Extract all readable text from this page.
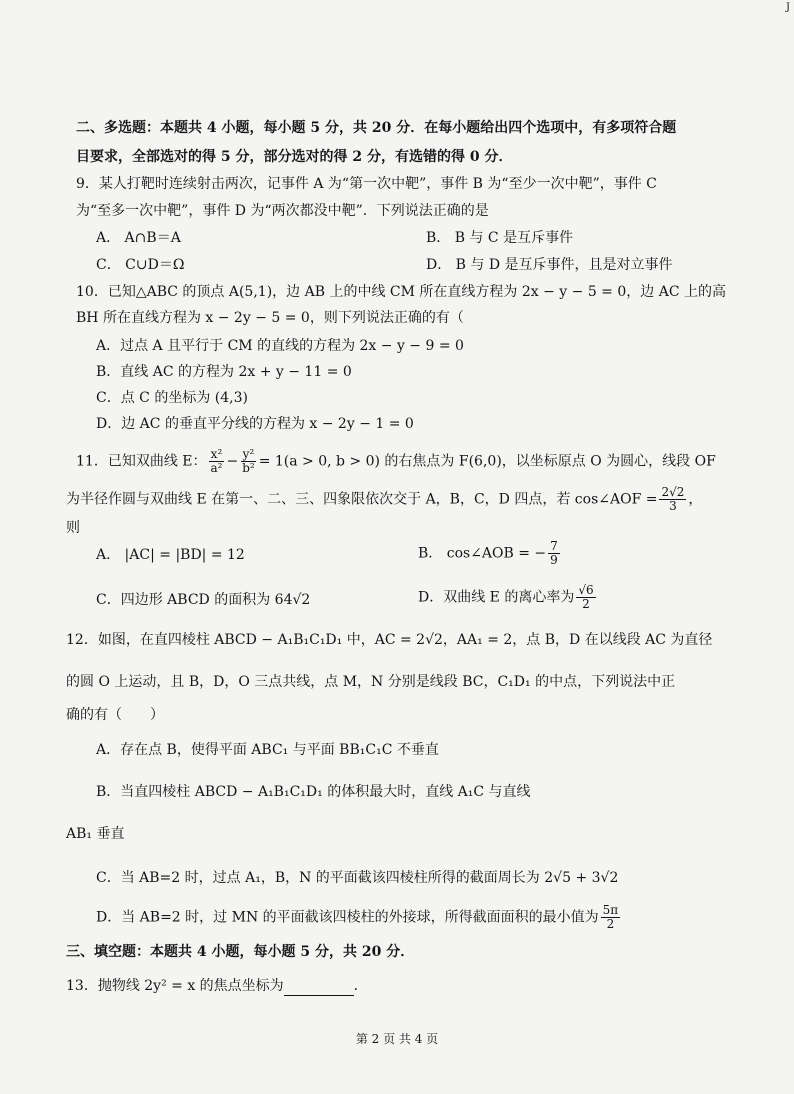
J
二、多选题：本题共 4 小题，每小题 5 分，共 20 分．在每小题给出四个选项中，有多项符合题
目要求，全部选对的得 5 分，部分选对的得 2 分，有选错的得 0 分．
9．某人打靶时连续射击两次，记事件 A 为“第一次中靶”，事件 B 为“至少一次中靶”，事件 C
为“至多一次中靶”，事件 D 为“两次都没中靶”．下列说法正确的是
A． A∩B＝A	B． B 与 C 是互斥事件
C． C∪D＝Ω	D． B 与 D 是互斥事件，且是对立事件
10．已知△ABC 的顶点 A(5,1)，边 AB 上的中线 CM 所在直线方程为 2x − y − 5 = 0，边 AC 上的高
BH 所在直线方程为 x − 2y − 5 = 0，则下列说法正确的有（
A．过点 A 且平行于 CM 的直线的方程为 2x − y − 9 = 0
B．直线 AC 的方程为 2x + y − 11 = 0
C．点 C 的坐标为 (4,3)
D．边 AC 的垂直平分线的方程为 x − 2y − 1 = 0
11．已知双曲线 E： $\frac{\text{x²}}{\text{a²}} - \frac{\text{y²}}{\text{b²}} = 1(a > 0$, b > 0) 的右焦点为 F(6,0)，以坐标原点 O 为圆心，线段 OF
为半径作圆与双曲线 E 在第一、二、三、四象限依次交于 A，B，C，D 四点，若 cos∠AOF = $\frac{2√2}{3}$ ，
则
A． |AC| = |BD| = 12	B． cos∠AOB = − $\frac{7}{9}$
C．四边形 ABCD 的面积为 64√2	D．双曲线 E 的离心率为 $\frac{√6}{2}$
12．如图，在直四棱柱 ABCD − A₁B₁C₁D₁ 中，AC = 2√2，AA₁ = 2，点 B，D 在以线段 AC 为直径
的圆 O 上运动，且 B，D，O 三点共线，点 M，N 分别是线段 BC，C₁D₁ 的中点，下列说法中正
确的有（　　）
A．存在点 B，使得平面 ABC₁ 与平面 BB₁C₁C 不垂直
B．当直四棱柱 ABCD − A₁B₁C₁D₁ 的体积最大时，直线 A₁C 与直线
AB₁ 垂直
C．当 AB=2 时，过点 A₁，B，N 的平面截该四棱柱所得的截面周长为 2√5 + 3√2
D．当 AB=2 时，过 MN 的平面截该四棱柱的外接球，所得截面面积的最小值为 $\frac{5\pi}{2}$
三、填空题：本题共 4 小题，每小题 5 分，共 20 分．
13．抛物线 2y² = x 的焦点坐标为	．
第 2 页 共 4 页
